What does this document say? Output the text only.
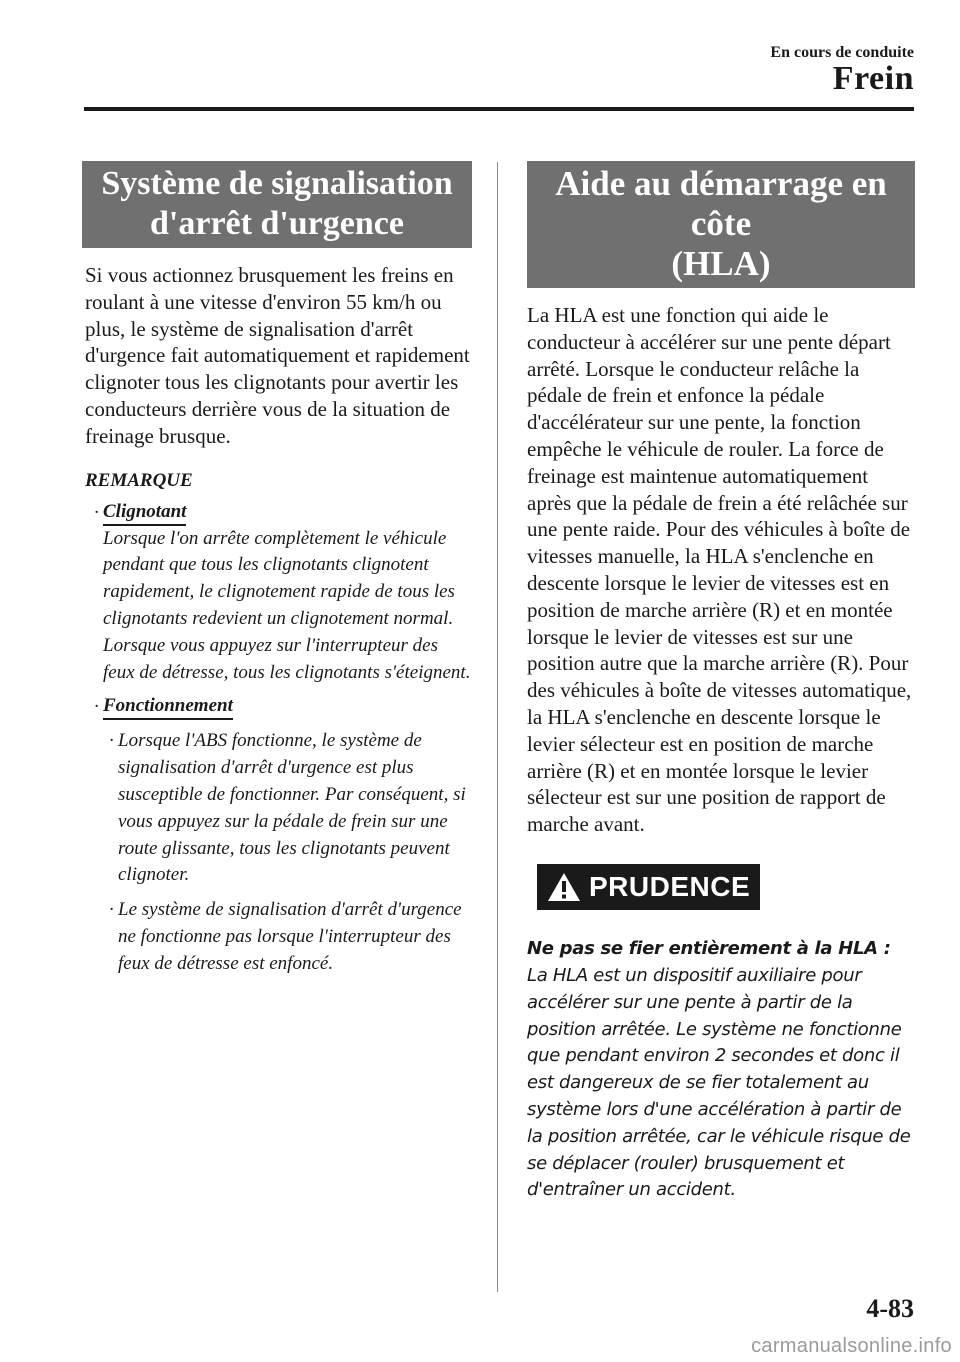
En cours de conduite
Frein
Système de signalisation
d'arrêt d'urgence

Si vous actionnez brusquement les freins en roulant à une vitesse d'environ 55 km/h ou plus, le système de signalisation d'arrêt d'urgence fait automatiquement et rapidement clignoter tous les clignotants pour avertir les conducteurs derrière vous de la situation de freinage brusque.

REMARQUE
· Clignotant
Lorsque l'on arrête complètement le véhicule pendant que tous les clignotants clignotent rapidement, le clignotement rapide de tous les clignotants redevient un clignotement normal. Lorsque vous appuyez sur l'interrupteur des feux de détresse, tous les clignotants s'éteignent.
· Fonctionnement
· Lorsque l'ABS fonctionne, le système de signalisation d'arrêt d'urgence est plus susceptible de fonctionner. Par conséquent, si vous appuyez sur la pédale de frein sur une route glissante, tous les clignotants peuvent clignoter.
· Le système de signalisation d'arrêt d'urgence ne fonctionne pas lorsque l'interrupteur des feux de détresse est enfoncé.
Aide au démarrage en côte
(HLA)

La HLA est une fonction qui aide le conducteur à accélérer sur une pente départ arrêté. Lorsque le conducteur relâche la pédale de frein et enfonce la pédale d'accélérateur sur une pente, la fonction empêche le véhicule de rouler. La force de freinage est maintenue automatiquement après que la pédale de frein a été relâchée sur une pente raide. Pour des véhicules à boîte de vitesses manuelle, la HLA s'enclenche en descente lorsque le levier de vitesses est en position de marche arrière (R) et en montée lorsque le levier de vitesses est sur une position autre que la marche arrière (R). Pour des véhicules à boîte de vitesses automatique, la HLA s'enclenche en descente lorsque le levier sélecteur est en position de marche arrière (R) et en montée lorsque le levier sélecteur est sur une position de rapport de marche avant.

PRUDENCE
Ne pas se fier entièrement à la HLA :
La HLA est un dispositif auxiliaire pour accélérer sur une pente à partir de la position arrêtée. Le système ne fonctionne que pendant environ 2 secondes et donc il est dangereux de se fier totalement au système lors d'une accélération à partir de la position arrêtée, car le véhicule risque de se déplacer (rouler) brusquement et d'entraîner un accident.
4-83
carmanualsonline.info
